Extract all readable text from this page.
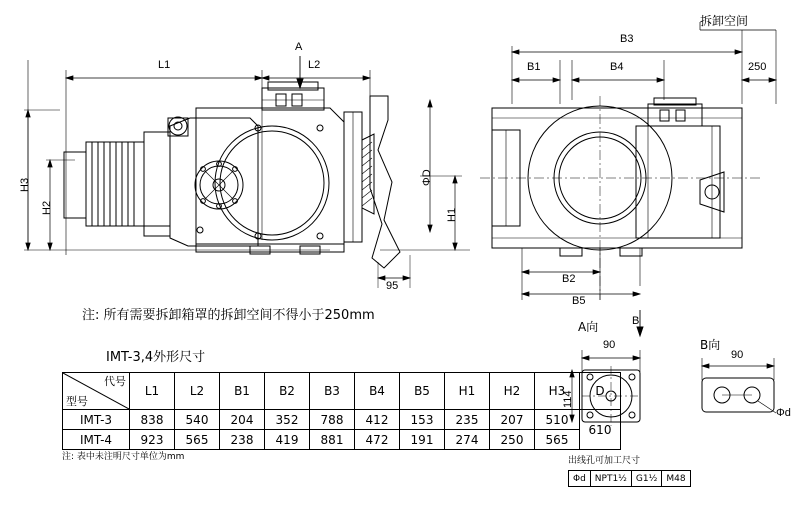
L1	L2
H3
H2	H1
A
ΦD
95
B3
B1	B4
B2
B5
250
拆卸空间
A向	B
90
114
B向
90
Φd
注: 所有需要拆卸箱罩的拆卸空间不得小于250mm
IMT-3,4外形尺寸
注: 表中未注明尺寸单位为mm	出线孔可加工尺寸
代号
型号	L1	L2	B1	B2	B3	B4	B5	H1	H2	H3	D
IMT-3	838	540	204	352	788	412	153	235	207	510	610
IMT-4	923	565	238	419	881	472	191	274	250	565	
Φd	NPT1½	G1½	M48
